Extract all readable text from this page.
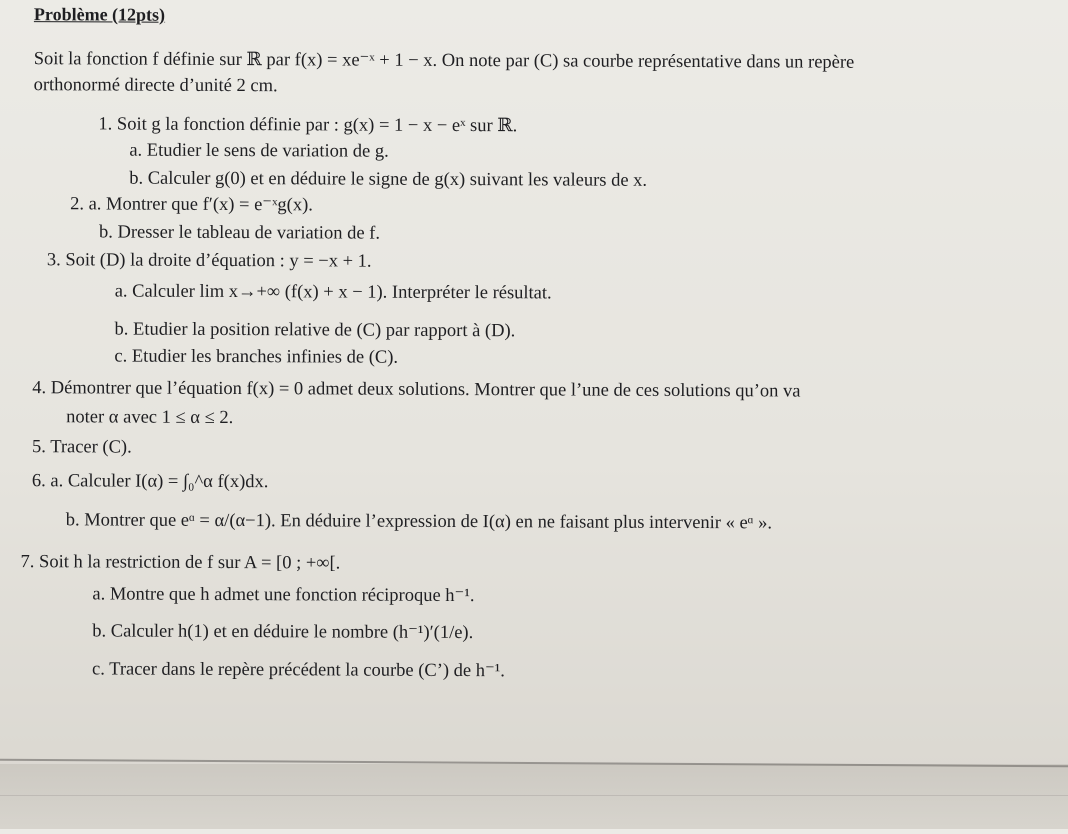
Problème (12pts)
Soit la fonction f définie sur ℝ par f(x) = xe⁻ˣ + 1 − x. On note par (C) sa courbe représentative dans un repère
orthonormé directe d’unité 2 cm.
1. Soit g la fonction définie par : g(x) = 1 − x − eˣ sur ℝ.
a. Etudier le sens de variation de g.
b. Calculer g(0) et en déduire le signe de g(x) suivant les valeurs de x.
2. a. Montrer que f′(x) = e⁻ˣg(x).
b. Dresser le tableau de variation de f.
3. Soit (D) la droite d’équation : y = −x + 1.
a. Calculer lim x→+∞ (f(x) + x − 1). Interpréter le résultat.
b. Etudier la position relative de (C) par rapport à (D).
c. Etudier les branches infinies de (C).
4. Démontrer que l’équation f(x) = 0 admet deux solutions. Montrer que l’une de ces solutions qu’on va
noter α avec 1 ≤ α ≤ 2.
5. Tracer (C).
6. a. Calculer I(α) = ∫₀^α f(x)dx.
b. Montrer que eᵅ = α/(α−1). En déduire l’expression de I(α) en ne faisant plus intervenir « eᵅ ».
7. Soit h la restriction de f sur A = [0 ; +∞[.
a. Montre que h admet une fonction réciproque h⁻¹.
b. Calculer h(1) et en déduire le nombre (h⁻¹)′(1/e).
c. Tracer dans le repère précédent la courbe (C’) de h⁻¹.
